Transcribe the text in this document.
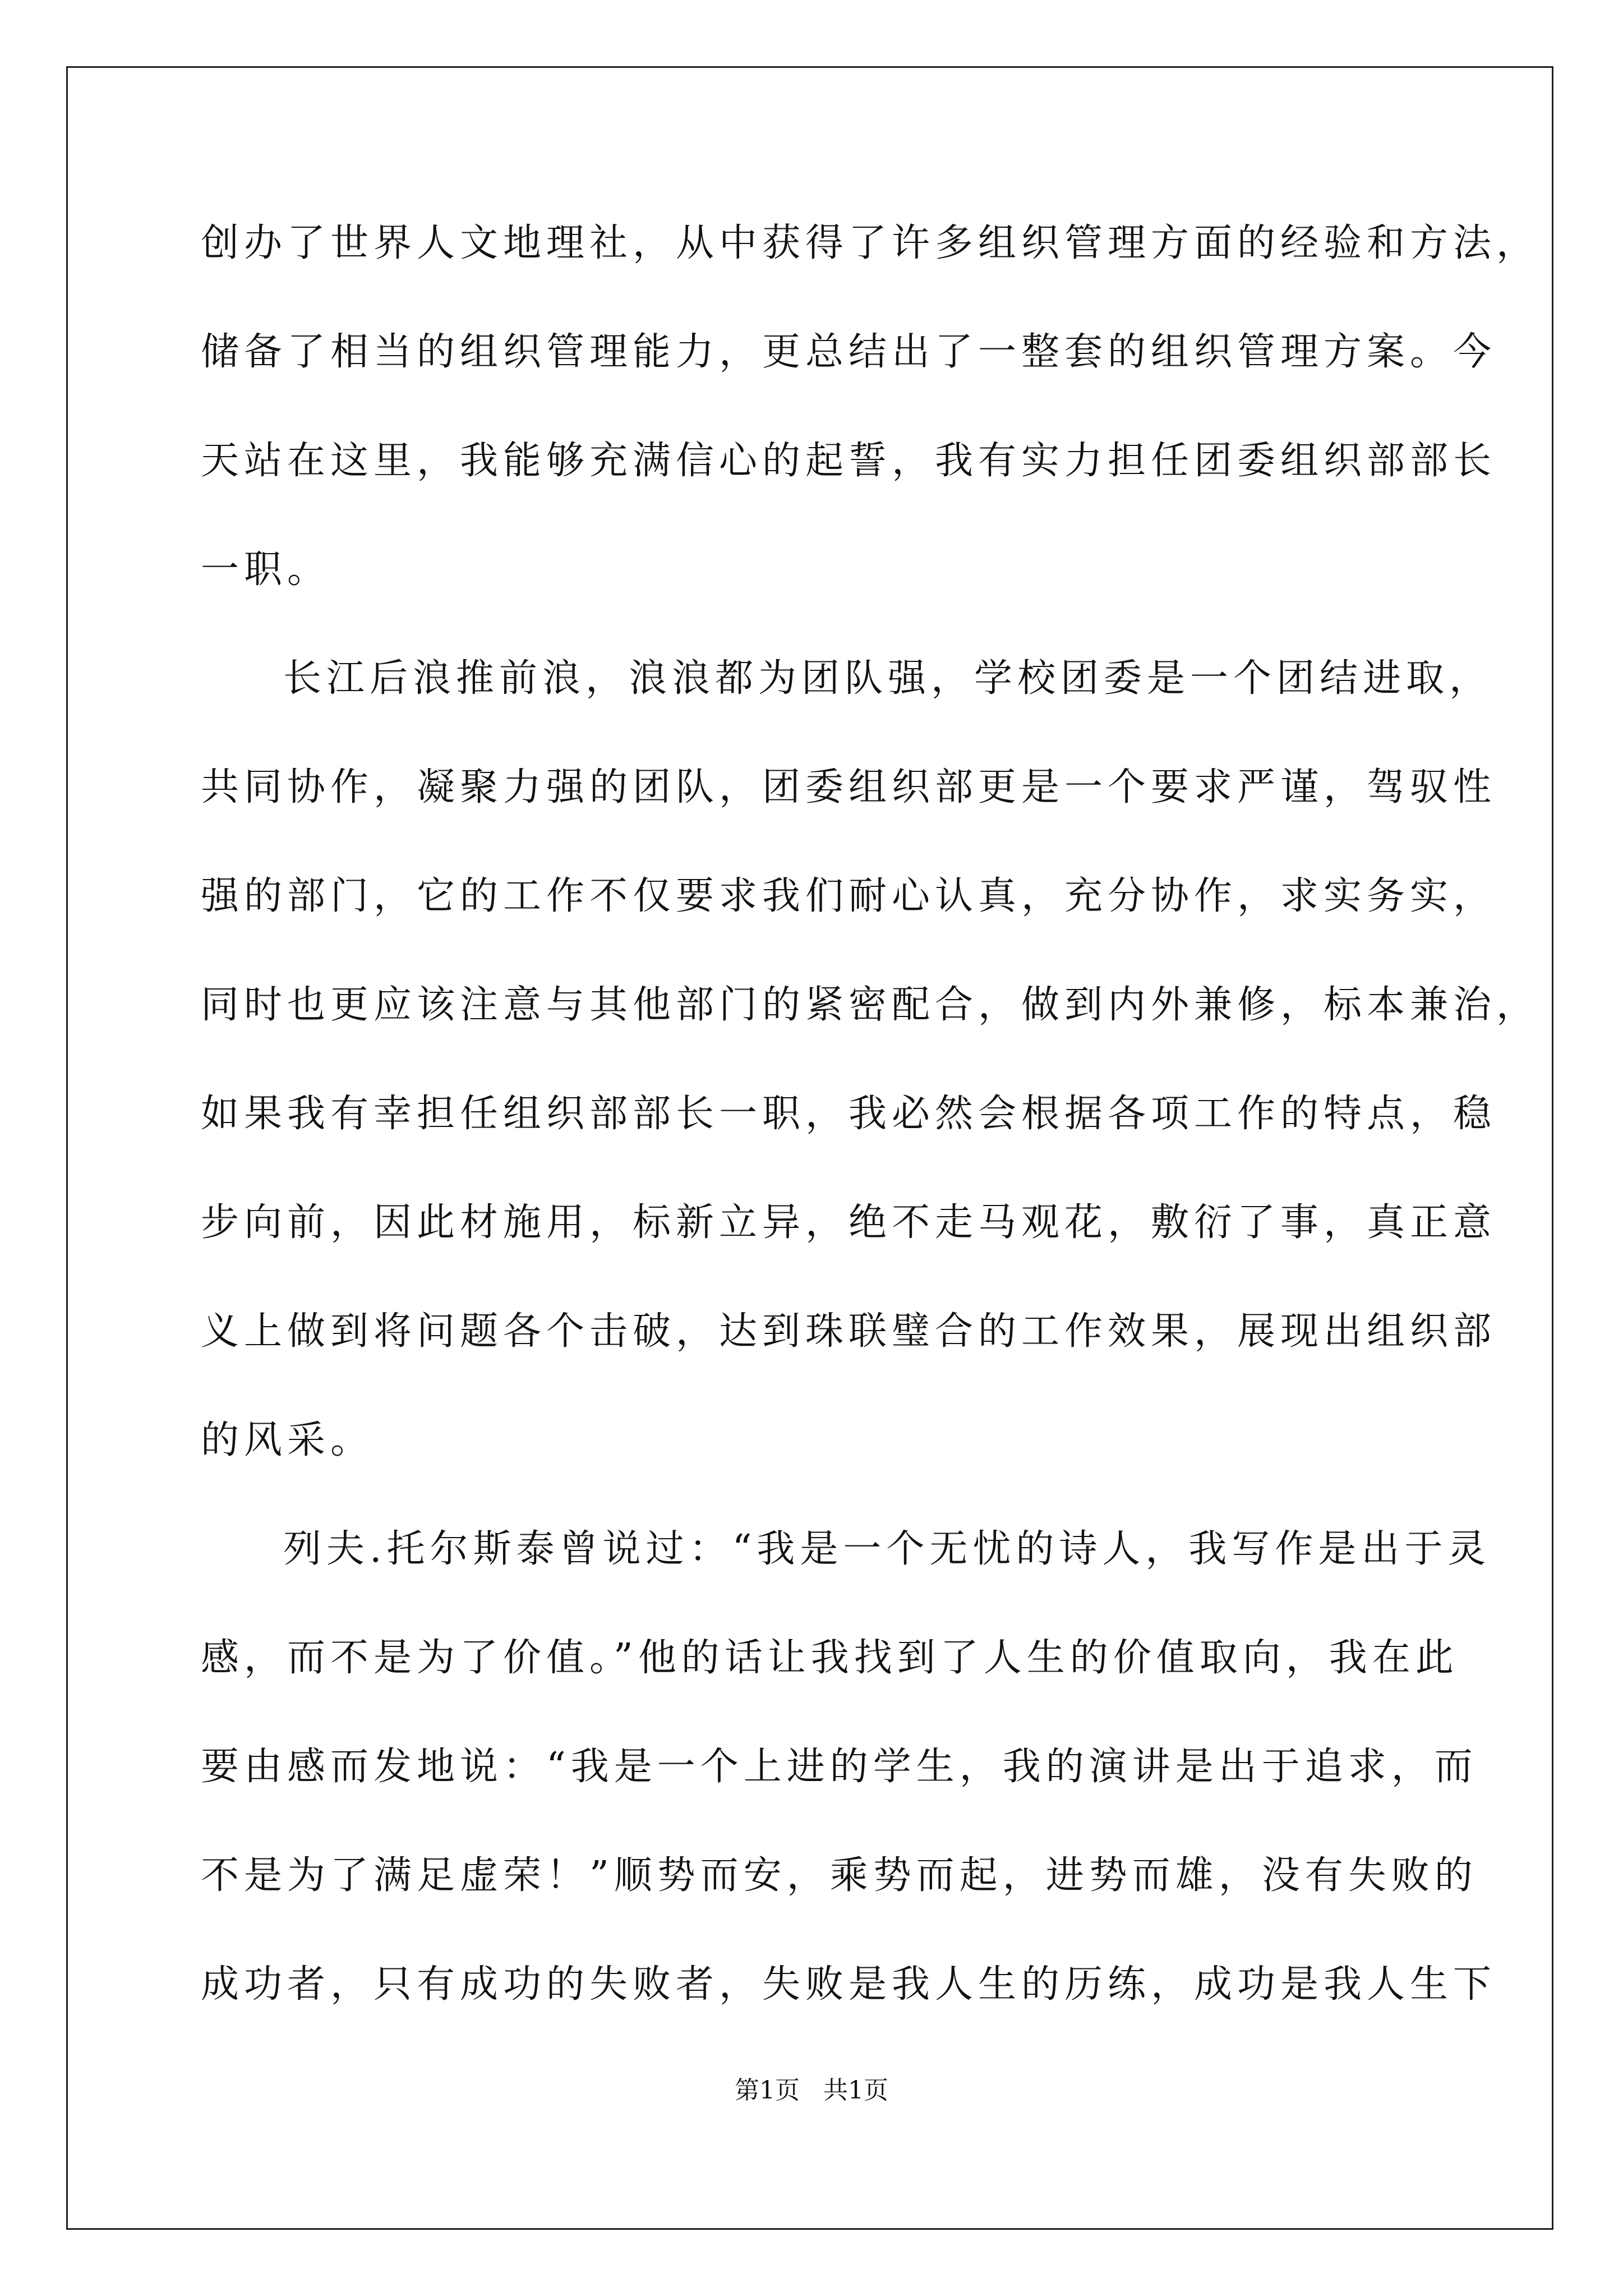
创办了世界人文地理社，从中获得了许多组织管理方面的经验和方法，
储备了相当的组织管理能力，更总结出了一整套的组织管理方案。今
天站在这里，我能够充满信心的起誓，我有实力担任团委组织部部长
一职。
长江后浪推前浪，浪浪都为团队强，学校团委是一个团结进取，
共同协作，凝聚力强的团队，团委组织部更是一个要求严谨，驾驭性
强的部门，它的工作不仅要求我们耐心认真，充分协作，求实务实，
同时也更应该注意与其他部门的紧密配合，做到内外兼修，标本兼治，
如果我有幸担任组织部部长一职，我必然会根据各项工作的特点，稳
步向前，因此材施用，标新立异，绝不走马观花，敷衍了事，真正意
义上做到将问题各个击破，达到珠联璧合的工作效果，展现出组织部
的风采。
列夫.托尔斯泰曾说过：“我是一个无忧的诗人，我写作是出于灵
感，而不是为了价值。”他的话让我找到了人生的价值取向，我在此
要由感而发地说：“我是一个上进的学生，我的演讲是出于追求，而
不是为了满足虚荣！”顺势而安，乘势而起，进势而雄，没有失败的
成功者，只有成功的失败者，失败是我人生的历练，成功是我人生下
第1页   共1页
